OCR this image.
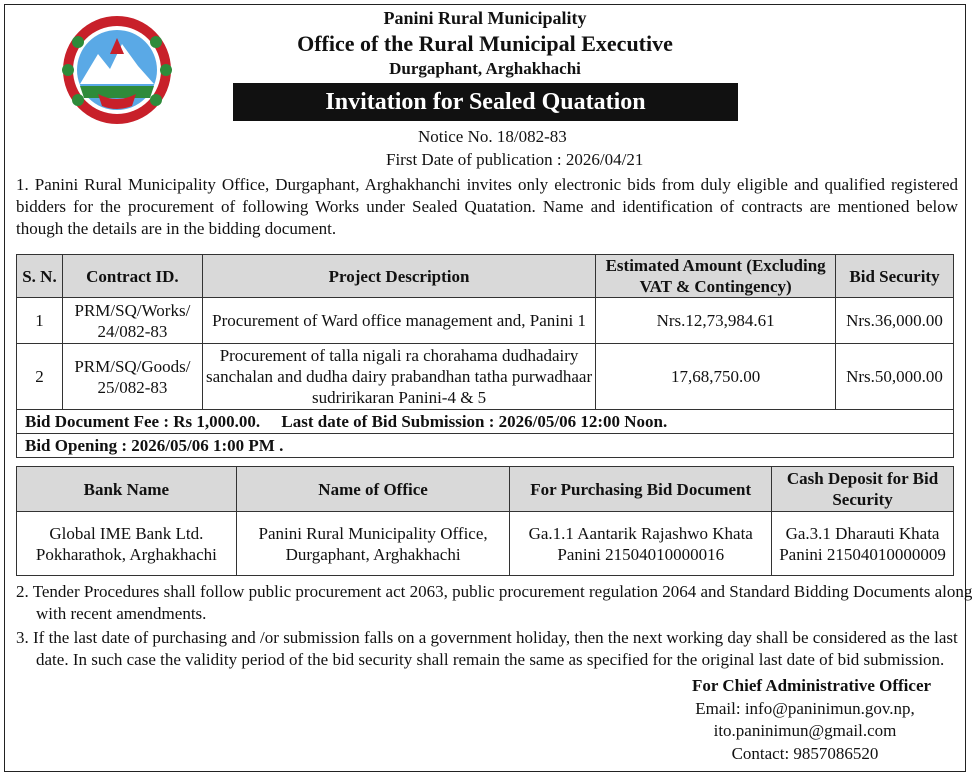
Panini Rural Municipality
Office of the Rural Municipal Executive
Durgaphant, Arghakhachi
Invitation for Sealed Quatation
Notice No. 18/082-83
First Date of publication : 2026/04/21
1. Panini Rural Municipality Office, Durgaphant, Arghakhanchi invites only electronic bids from duly eligible and qualified registered bidders for the procurement of following Works under Sealed Quatation. Name and identification of contracts are mentioned below though the details are in the bidding document.
S. N.	Contract ID.	Project Description	Estimated Amount (Excluding VAT & Contingency)	Bid Security
1	PRM/SQ/Works/ 24/082-83	Procurement of Ward office management and, Panini 1	Nrs.12,73,984.61	Nrs.36,000.00
2	PRM/SQ/Goods/ 25/082-83	Procurement of talla nigali ra chorahama dudhadairy sanchalan and dudha dairy prabandhan tatha purwadhaar sudririkaran Panini-4 & 5	17,68,750.00	Nrs.50,000.00
Bid Document Fee : Rs 1,000.00.     Last date of Bid Submission : 2026/05/06 12:00 Noon.				
Bid Opening : 2026/05/06 1:00 PM .				
Bank Name	Name of Office	For Purchasing Bid Document	Cash Deposit for Bid Security
Global IME Bank Ltd. Pokharathok, Arghakhachi	Panini Rural Municipality Office, Durgaphant, Arghakhachi	Ga.1.1 Aantarik Rajashwo Khata Panini 21504010000016	Ga.3.1 Dharauti Khata Panini 21504010000009
2. Tender Procedures shall follow public procurement act 2063, public procurement regulation 2064 and Standard Bidding Documents along with recent amendments.
3. If the last date of purchasing and /or submission falls on a government holiday, then the next working day shall be considered as the last date. In such case the validity period of the bid security shall remain the same as specified for the original last date of bid submission.
For Chief Administrative Officer
Email: info@paninimun.gov.np,
ito.paninimun@gmail.com
Contact: 9857086520
